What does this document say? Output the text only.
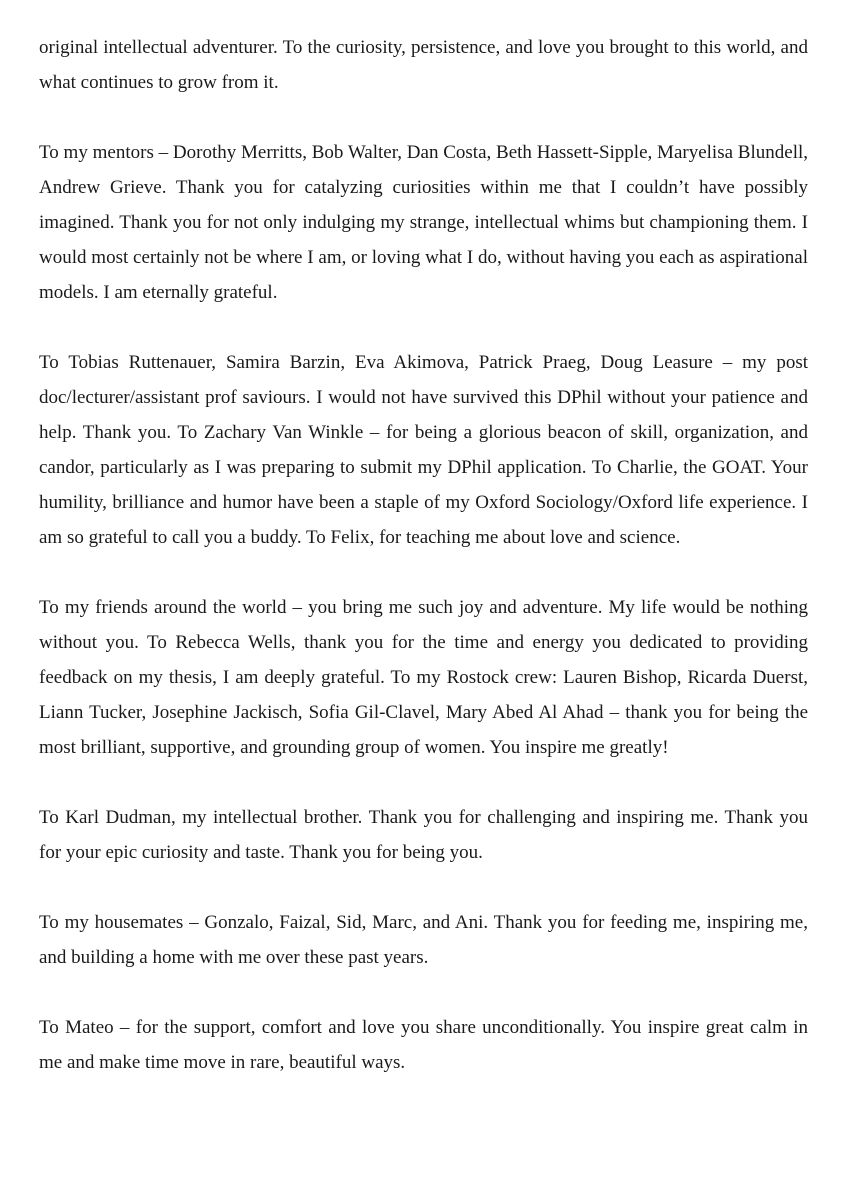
original intellectual adventurer. To the curiosity, persistence, and love you brought to this world, and what continues to grow from it.

To my mentors – Dorothy Merritts, Bob Walter, Dan Costa, Beth Hassett-Sipple, Maryelisa Blundell, Andrew Grieve. Thank you for catalyzing curiosities within me that I couldn’t have possibly imagined. Thank you for not only indulging my strange, intellectual whims but championing them. I would most certainly not be where I am, or loving what I do, without having you each as aspirational models. I am eternally grateful.

To Tobias Ruttenauer, Samira Barzin, Eva Akimova, Patrick Praeg, Doug Leasure – my post doc/lecturer/assistant prof saviours. I would not have survived this DPhil without your patience and help. Thank you. To Zachary Van Winkle – for being a glorious beacon of skill, organization, and candor, particularly as I was preparing to submit my DPhil application. To Charlie, the GOAT. Your humility, brilliance and humor have been a staple of my Oxford Sociology/Oxford life experience. I am so grateful to call you a buddy. To Felix, for teaching me about love and science.

To my friends around the world – you bring me such joy and adventure. My life would be nothing without you. To Rebecca Wells, thank you for the time and energy you dedicated to providing feedback on my thesis, I am deeply grateful. To my Rostock crew: Lauren Bishop, Ricarda Duerst, Liann Tucker, Josephine Jackisch, Sofia Gil-Clavel, Mary Abed Al Ahad – thank you for being the most brilliant, supportive, and grounding group of women. You inspire me greatly!

To Karl Dudman, my intellectual brother. Thank you for challenging and inspiring me. Thank you for your epic curiosity and taste. Thank you for being you.

To my housemates – Gonzalo, Faizal, Sid, Marc, and Ani. Thank you for feeding me, inspiring me, and building a home with me over these past years.

To Mateo – for the support, comfort and love you share unconditionally. You inspire great calm in me and make time move in rare, beautiful ways.
